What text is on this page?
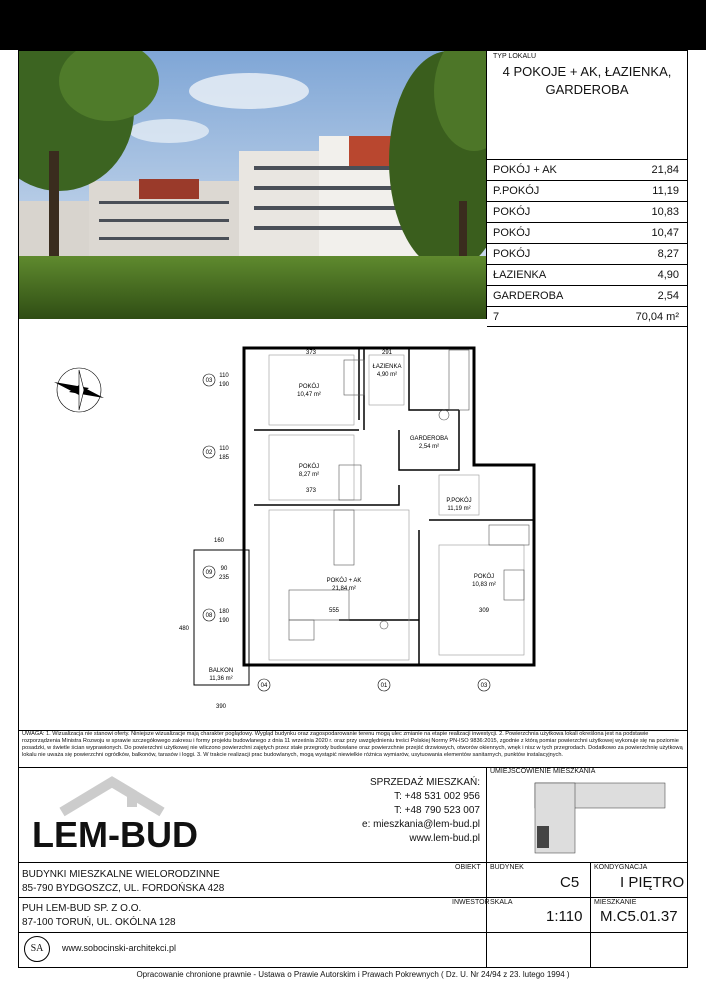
TYP LOKALU
4 POKOJE + AK, ŁAZIENKA, GARDEROBA
POKÓJ + AK	21,84
P.POKÓJ	11,19
POKÓJ	10,83
POKÓJ	10,47
POKÓJ	8,27
ŁAZIENKA	4,90
GARDEROBA	2,54
7	70,04 m²
03
02
09
08
04	01	03
110
190
110
185
90
235
180
190
POKÓJ
10,47 m²
POKÓJ
8,27 m²
ŁAZIENKA
4,90 m²
GARDEROBA
2,54 m²
P.POKÓJ
11,19 m²
POKÓJ + AK
21,84 m²
POKÓJ
10,83 m²
BALKON
11,36 m²
373
373
555	309
291
390
160
480
UWAGA: 1. Wizualizacja nie stanowi oferty. Niniejsze wizualizacje mają charakter poglądowy. Wygląd budynku oraz zagospodarowanie terenu mogą ulec zmianie na etapie realizacji inwestycji. 2. Powierzchnia użytkowa lokali określona jest na podstawie rozporządzenia Ministra Rozwoju w sprawie szczegółowego zakresu i formy projektu budowlanego z dnia 11 września 2020 r. oraz przy uwzględnieniu treści Polskiej Normy PN-ISO 9836:2015, zgodnie z którą pomiar powierzchni użytkowej wykonuje się na poziomie posadzki, w świetle ścian wyprawionych. Do powierzchni użytkowej nie wliczono powierzchni zajętych przez stałe przegrody budowlane oraz powierzchnie przejść drzwiowych, otworów okiennych, wnęk i nisz w tych przegrodach. Dodatkowo za powierzchnię użytkową lokalu nie uważa się powierzchni ogródków, balkonów, tarasów i loggi. 3. W trakcie realizacji prac budowlanych, mogą wystąpić niewielkie różnica wymiarów, usytuowania elementów sanitarnych, punktów instalacyjnych.
LEM-BUD
SPRZEDAŻ MIESZKAŃ:
T: +48 531 002 956
T: +48 790 523 007
e: mieszkania@lem-bud.pl
www.lem-bud.pl
UMIEJSCOWIENIE MIESZKANIA
OBIEKT
BUDYNKI MIESZKALNE WIELORODZINNE
85-790 BYDGOSZCZ, UL. FORDOŃSKA 428
BUDYNEK
C5
KONDYGNACJA
I PIĘTRO
INWESTOR
PUH LEM-BUD SP. Z O.O.
87-100 TORUŃ, UL. OKÓLNA 128
SKALA
1:110
MIESZKANIE
M.C5.01.37
SA	www.sobocinski-architekci.pl
Opracowanie chronione prawnie - Ustawa o Prawie Autorskim i Prawach Pokrewnych ( Dz. U. Nr 24/94 z 23. lutego 1994 )
